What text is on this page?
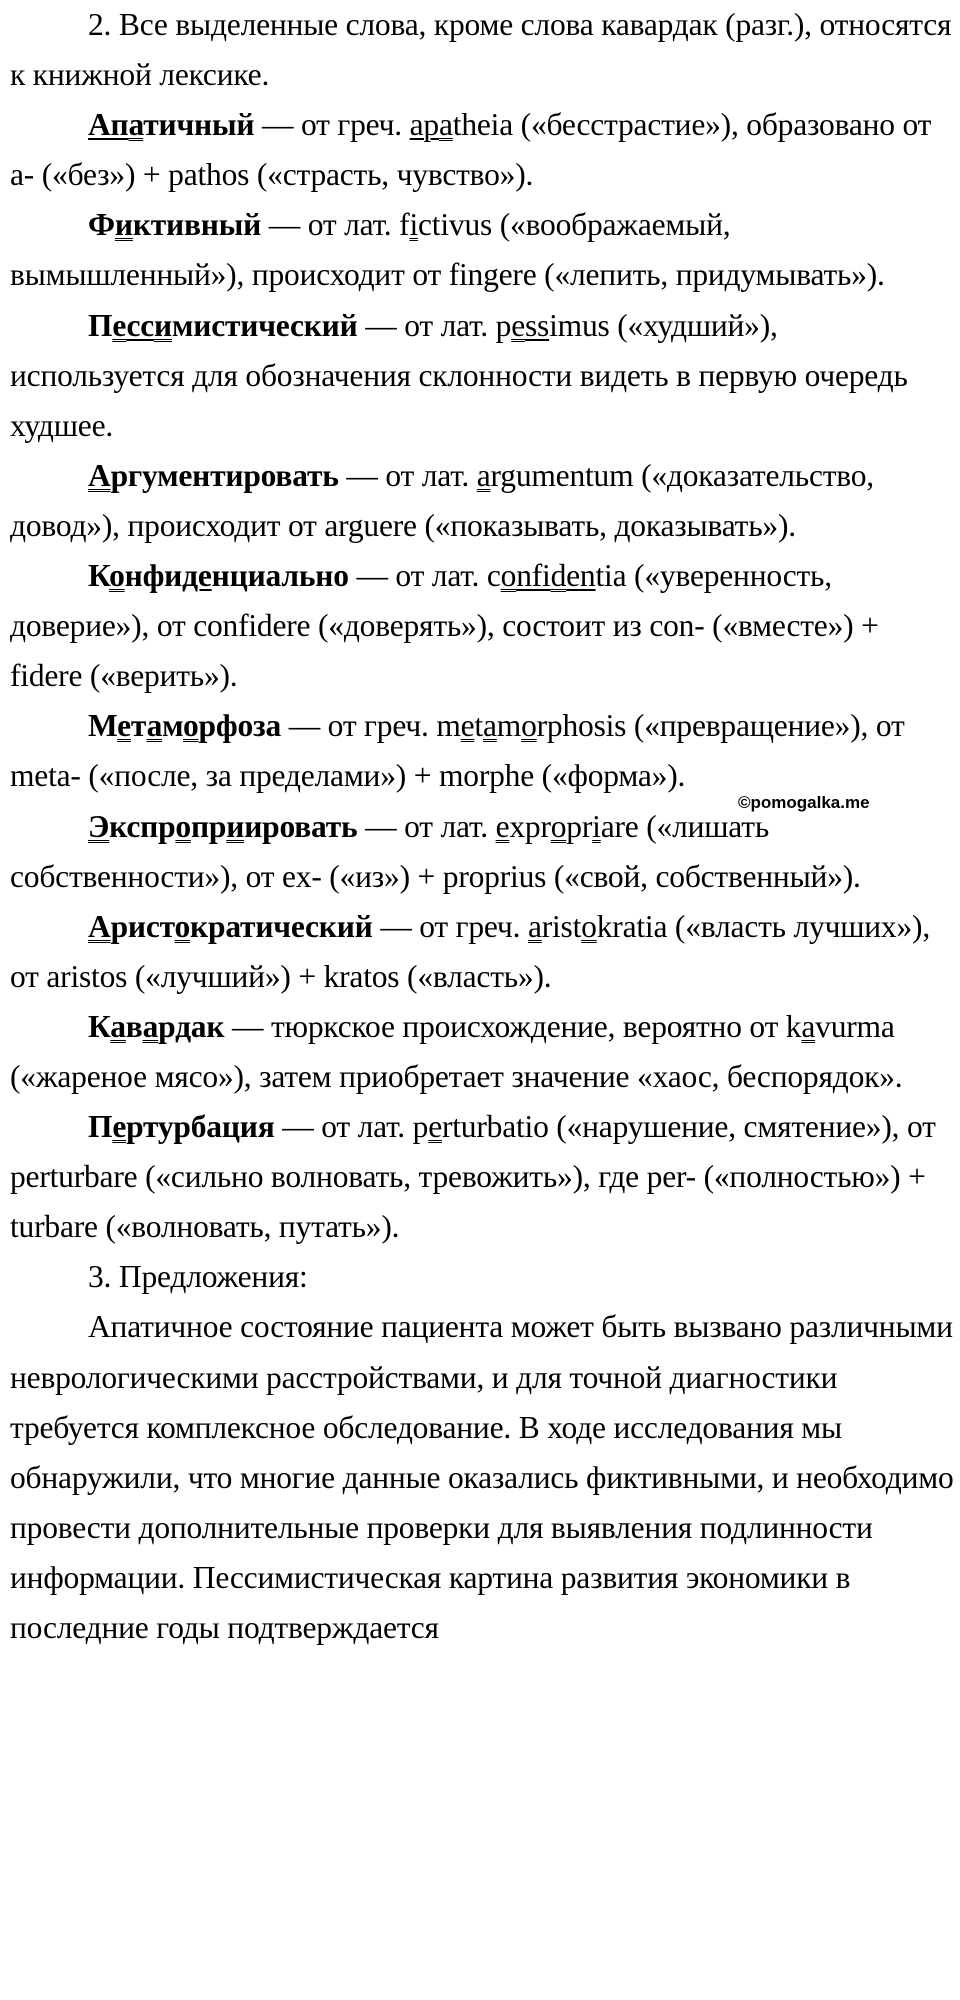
2. Все выделенные слова, кроме слова кавардак (разг.), относятся к книжной лексике.

Апатичный — от греч. apatheia («бесстрастие»), образовано от a- («без») + pathos («страсть, чувство»).

Фиктивный — от лат. fictivus («воображаемый, вымышленный»), происходит от fingere («лепить, придумывать»).

Пессимистический — от лат. pessimus («худший»), используется для обозначения склонности видеть в первую очередь худшее.

Аргументировать — от лат. argumentum («доказательство, довод»), происходит от arguere («показывать, доказывать»).

Конфиденциально — от лат. confidentia («уверенность, доверие»), от confidere («доверять»), состоит из con- («вместе») + fidere («верить»).

Метаморфоза — от греч. metamorphosis («превращение»), от meta- («после, за пределами») + morphe («форма»).

Экспроприировать — от лат. expropriare («лишать собственности»), от ex- («из») + proprius («свой, собственный»).

Аристократический — от греч. aristokratia («власть лучших»), от aristos («лучший») + kratos («власть»).

Кавардак — тюркское происхождение, вероятно от kavurma («жареное мясо»), затем приобретает значение «хаос, беспорядок».

Пертурбация — от лат. perturbatio («нарушение, смятение»), от perturbare («сильно волновать, тревожить»), где per- («полностью») + turbare («волновать, путать»).

3. Предложения:

Апатичное состояние пациента может быть вызвано различными неврологическими расстройствами, и для точной диагностики требуется комплексное обследование. В ходе исследования мы обнаружили, что многие данные оказались фиктивными, и необходимо провести дополнительные проверки для выявления подлинности информации. Пессимистическая картина развития экономики в последние годы подтверждается

©pomogalka.me
